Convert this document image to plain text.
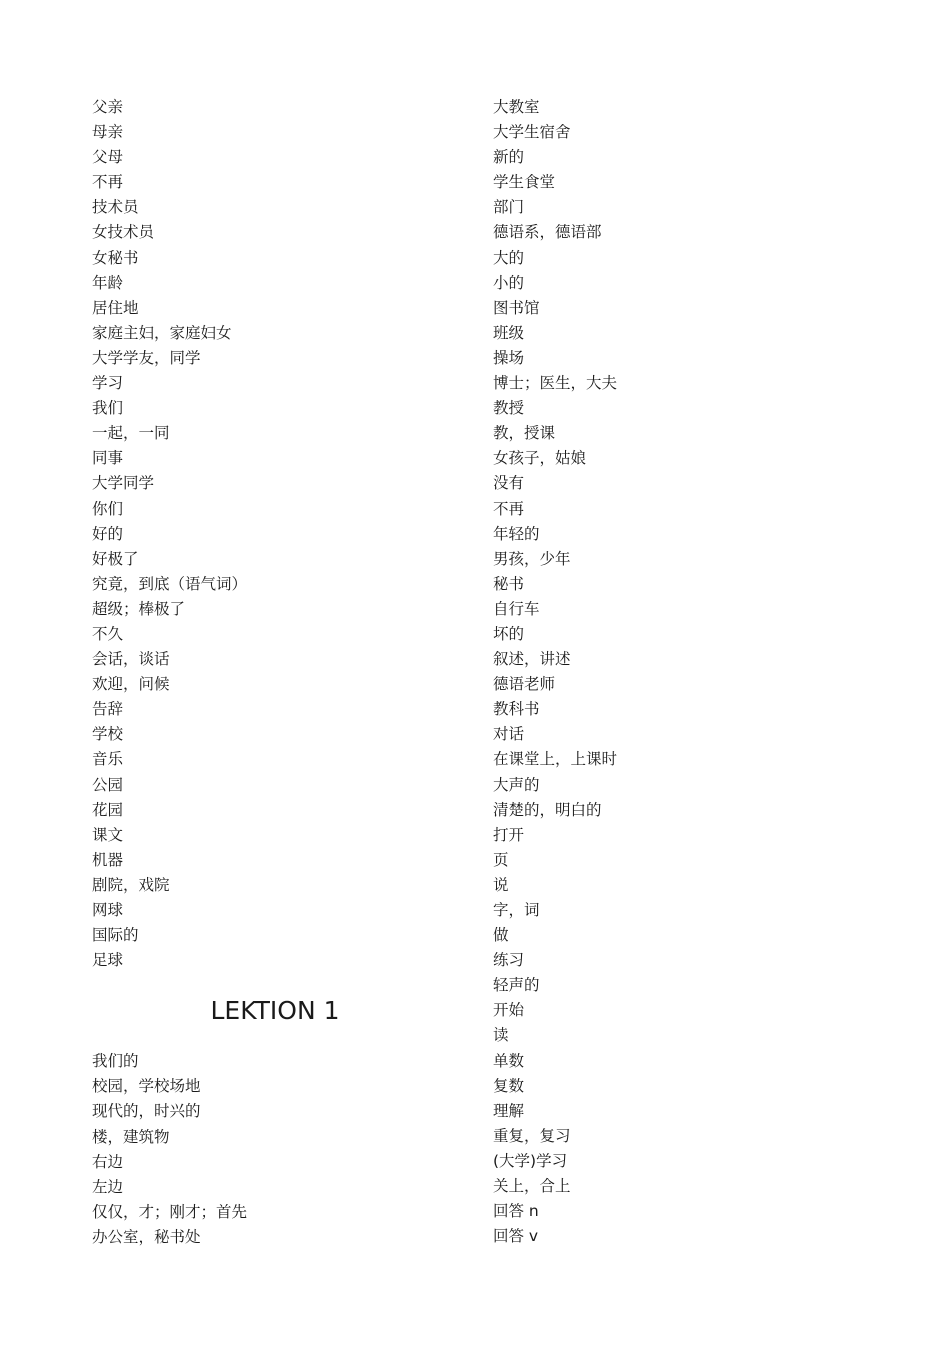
父亲
母亲
父母
不再
技术员
女技术员
女秘书
年龄
居住地
家庭主妇，家庭妇女
大学学友，同学
学习
我们
一起，一同
同事
大学同学
你们
好的
好极了
究竟，到底（语气词）
超级；棒极了
不久
会话，谈话
欢迎，问候
告辞
学校
音乐
公园
花园
课文
机器
剧院，戏院
网球
国际的
足球
LEKTION 1
我们的
校园，学校场地
现代的，时兴的
楼，建筑物
右边
左边
仅仅，才；刚才；首先
办公室，秘书处
大教室
大学生宿舍
新的
学生食堂
部门
德语系，德语部
大的
小的
图书馆
班级
操场
博士；医生，大夫
教授
教，授课
女孩子，姑娘
没有
不再
年轻的
男孩，少年
秘书
自行车
坏的
叙述，讲述
德语老师
教科书
对话
在课堂上，上课时
大声的
清楚的，明白的
打开
页
说
字，词
做
练习
轻声的
开始
读
单数
复数
理解
重复，复习
(大学)学习
关上，合上
回答 n
回答 v
